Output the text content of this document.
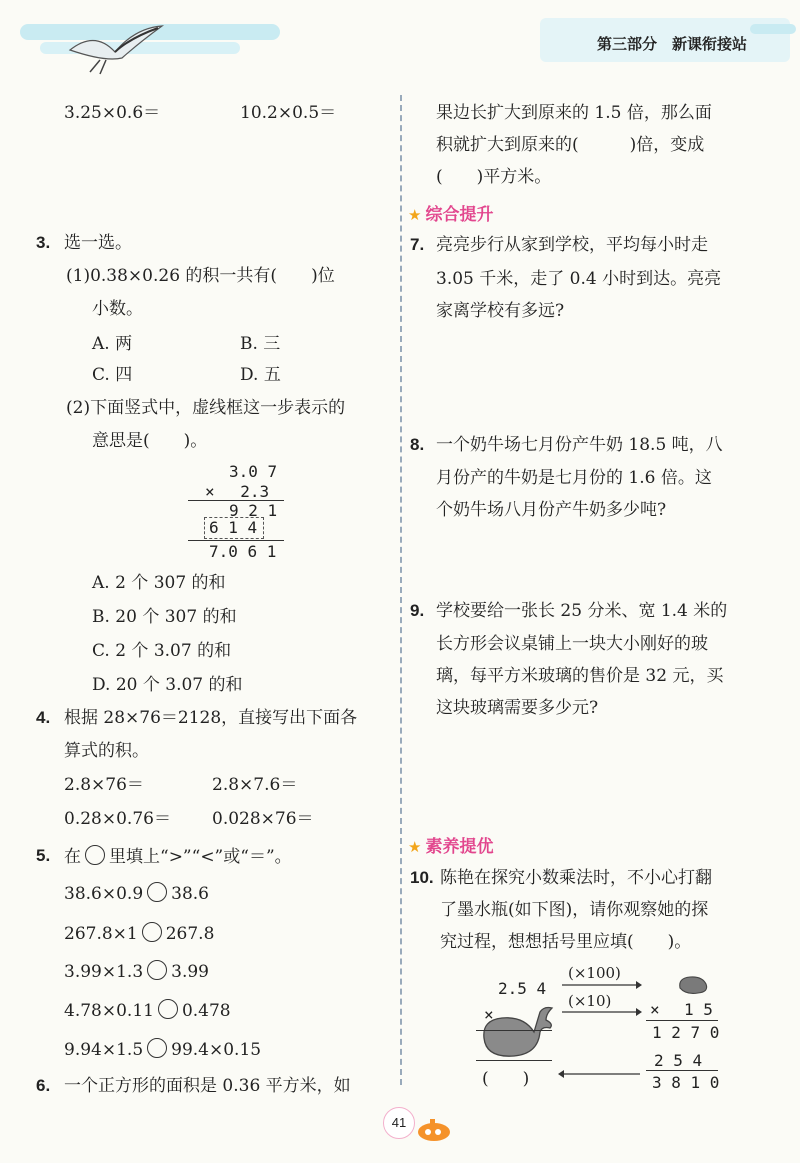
第三部分　新课衔接站
3.25×0.6＝	10.2×0.5＝
3. 选一选。
(1)0.38×0.26 的积一共有(　　)位
小数。
A. 两	B. 三
C. 四	D. 五
(2)下面竖式中，虚线框这一步表示的
意思是(　　)。
3.0 7
× 　2.3
9 2 1
6 1 4
7.0 6 1
A. 2 个 307 的和
B. 20 个 307 的和
C. 2 个 3.07 的和
D. 20 个 3.07 的和
4. 根据 28×76＝2128，直接写出下面各
算式的积。
2.8×76＝	2.8×7.6＝
0.28×0.76＝ 0.028×76＝
5. 在 里填上“>”“<”或“＝”。
38.6×0.9 38.6
267.8×1 267.8
3.99×1.3 3.99
4.78×0.11 0.478
9.94×1.5 99.4×0.15
6. 一个正方形的面积是 0.36 平方米，如
果边长扩大到原来的 1.5 倍，那么面
积就扩大到原来的(　　　)倍，变成
(　　)平方米。
★ 综合提升
7. 亮亮步行从家到学校，平均每小时走
3.05 千米，走了 0.4 小时到达。亮亮
家离学校有多远?
8. 一个奶牛场七月份产牛奶 18.5 吨，八
月份产的牛奶是七月份的 1.6 倍。这
个奶牛场八月份产牛奶多少吨?
9. 学校要给一张长 25 分米、宽 1.4 米的
长方形会议桌铺上一块大小刚好的玻
璃，每平方米玻璃的售价是 32 元，买
这块玻璃需要多少元?
★ 素养提优
10. 陈艳在探究小数乘法时，不小心打翻
了墨水瓶(如下图)，请你观察她的探
究过程，想想括号里应填(　　)。
2.5 4
×
(　　)
(×100)
(×10) × 1 5
1 2 7 0
2 5 4
3 8 1 0
41
